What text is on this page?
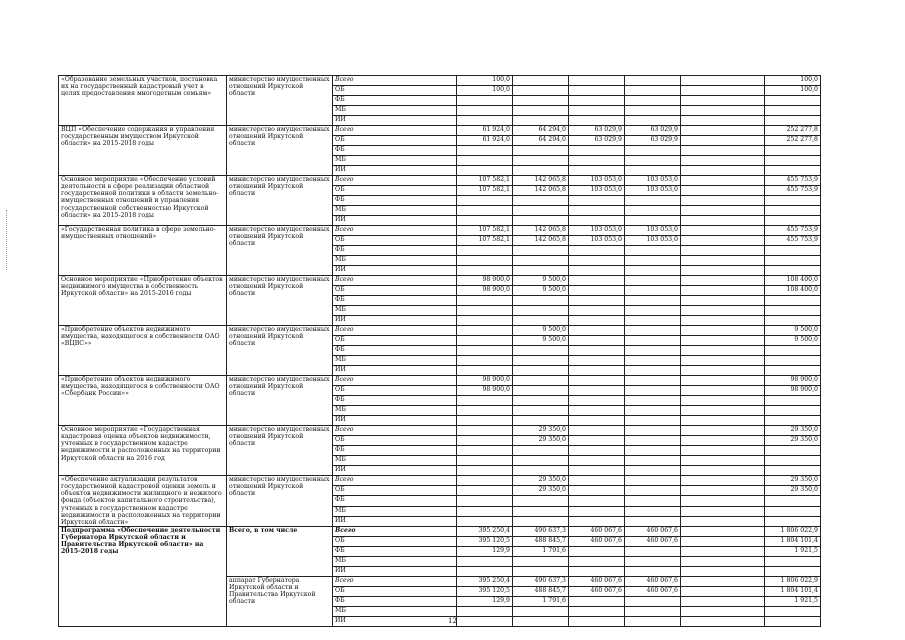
«Образование земельных участков, постановка их на государственный кадастровый учет в целях предоставления многодетным семьям»	министерство имущественных отношений Иркутской области	Всего	100,0					100,0
		ОБ	100,0					100,0
		ФБ						
		МБ						
		ИИ						
ВЦП «Обеспечение содержания и управления государственным имуществом Иркутской области» на 2015-2018 годы	министерство имущественных отношений Иркутской области	Всего	61 924,0	64 294,0	63 029,9	63 029,9		252 277,8
		ОБ	61 924,0	64 294,0	63 029,9	63 029,9		252 277,8
		ФБ						
		МБ						
		ИИ						
Основное мероприятие «Обеспечение условий деятельности в сфере реализации областной государственной политики в области земельно-имущественных отношений и управления государственной собственностью Иркутской области» на 2015-2018 годы	министерство имущественных отношений Иркутской области	Всего	107 582,1	142 065,8	103 053,0	103 053,0		455 753,9
		ОБ	107 582,1	142 065,8	103 053,0	103 053,0		455 753,9
		ФБ						
		МБ						
		ИИ						
«Государственная политика в сфере земельно-имущественных отношений»	министерство имущественных отношений Иркутской области	Всего	107 582,1	142 065,8	103 053,0	103 053,0		455 753,9
		ОБ	107 582,1	142 065,8	103 053,0	103 053,0		455 753,9
		ФБ						
		МБ						
		ИИ						
Основное мероприятие «Приобретение объектов недвижимого имущества в собственность Иркутской области» на 2015-2016 годы	министерство имущественных отношений Иркутской области	Всего	98 900,0	9 500,0				108 400,0
		ОБ	98 900,0	9 500,0				108 400,0
		ФБ						
		МБ						
		ИИ						
«Приобретение объектов недвижимого имущества, находящегося в собственности ОАО «ВЦВС»»	министерство имущественных отношений Иркутской области	Всего		9 500,0				9 500,0
		ОБ		9 500,0				9 500,0
		ФБ						
		МБ						
		ИИ						
«Приобретение объектов недвижимого имущества, находящегося в собственности ОАО «Сбербанк России»»	министерство имущественных отношений Иркутской области	Всего	98 900,0					98 900,0
		ОБ	98 900,0					98 900,0
		ФБ						
		МБ						
		ИИ						
Основное мероприятие «Государственная кадастровая оценка объектов недвижимости, учтенных в государственном кадастре недвижимости и расположенных на территории Иркутской области на 2016 год	министерство имущественных отношений Иркутской области	Всего		29 350,0				29 350,0
		ОБ		29 350,0				29 350,0
		ФБ						
		МБ						
		ИИ						
«Обеспечение актуализации результатов государственной кадастровой оценки земель и объектов недвижимости жилищного и нежилого фонда (объектов капитального строительства), учтенных в государственном кадастре недвижимости и расположенных на территории Иркутской области»	министерство имущественных отношений Иркутской области	Всего		29 350,0				29 350,0
		ОБ		29 350,0				29 350,0
		ФБ						
		МБ						
		ИИ						
Подпрограмма «Обеспечение деятельности Губернатора Иркутской области и Правительства Иркутской области» на 2015-2018 годы	Всего, в том числе	Всего	395 250,4	490 637,3	460 067,6	460 067,6		1 806 022,9
		ОБ	395 120,5	488 845,7	460 067,6	460 067,6		1 804 101,4
		ФБ	129,9	1 791,6				1 921,5
		МБ						
		ИИ						
	аппарат Губернатора Иркутской области и Правительства Иркутской области	Всего	395 250,4	490 637,3	460 067,6	460 067,6		1 806 022,9
		ОБ	395 120,5	488 845,7	460 067,6	460 067,6		1 804 101,4
		ФБ	129,9	1 791,6				1 921,5
		МБ						
		ИИ							12
